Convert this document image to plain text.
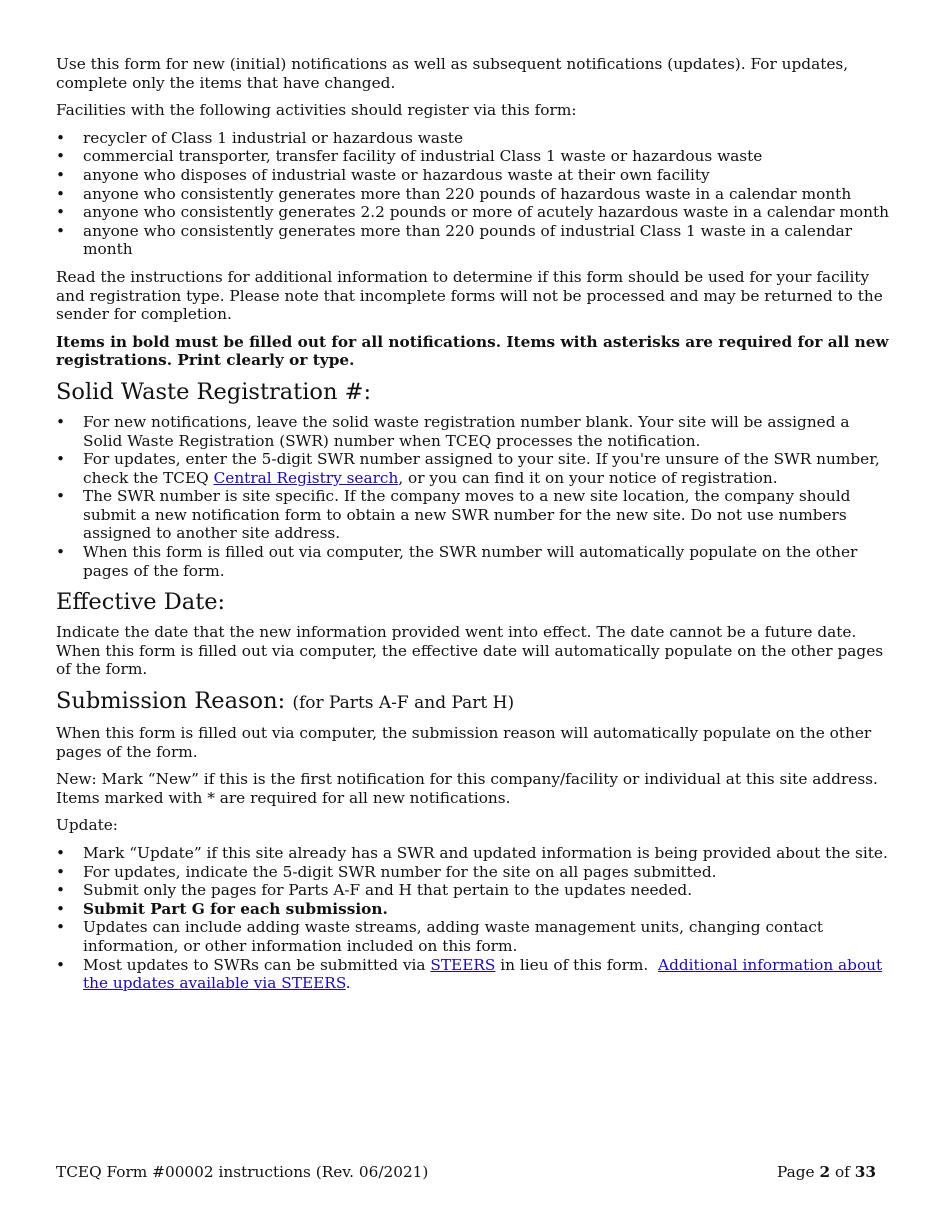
Use this form for new (initial) notifications as well as subsequent notifications (updates). For updates, complete only the items that have changed.

Facilities with the following activities should register via this form:

• recycler of Class 1 industrial or hazardous waste
• commercial transporter, transfer facility of industrial Class 1 waste or hazardous waste
• anyone who disposes of industrial waste or hazardous waste at their own facility
• anyone who consistently generates more than 220 pounds of hazardous waste in a calendar month
• anyone who consistently generates 2.2 pounds or more of acutely hazardous waste in a calendar month
• anyone who consistently generates more than 220 pounds of industrial Class 1 waste in a calendar month

Read the instructions for additional information to determine if this form should be used for your facility and registration type. Please note that incomplete forms will not be processed and may be returned to the sender for completion.

Items in bold must be filled out for all notifications. Items with asterisks are required for all new registrations. Print clearly or type.

Solid Waste Registration #:
• For new notifications, leave the solid waste registration number blank. Your site will be assigned a Solid Waste Registration (SWR) number when TCEQ processes the notification.
• For updates, enter the 5-digit SWR number assigned to your site. If you're unsure of the SWR number, check the TCEQ Central Registry search, or you can find it on your notice of registration.
• The SWR number is site specific. If the company moves to a new site location, the company should submit a new notification form to obtain a new SWR number for the new site. Do not use numbers assigned to another site address.
• When this form is filled out via computer, the SWR number will automatically populate on the other pages of the form.
Effective Date:

Indicate the date that the new information provided went into effect. The date cannot be a future date. When this form is filled out via computer, the effective date will automatically populate on the other pages of the form.

Submission Reason: (for Parts A-F and Part H)

When this form is filled out via computer, the submission reason will automatically populate on the other pages of the form.

New: Mark “New” if this is the first notification for this company/facility or individual at this site address. Items marked with * are required for all new notifications.

Update:

• Mark “Update” if this site already has a SWR and updated information is being provided about the site.
• For updates, indicate the 5-digit SWR number for the site on all pages submitted.
• Submit only the pages for Parts A-F and H that pertain to the updates needed.
• Submit Part G for each submission.
• Updates can include adding waste streams, adding waste management units, changing contact information, or other information included on this form.
• Most updates to SWRs can be submitted via STEERS in lieu of this form.  Additional information about the updates available via STEERS.
TCEQ Form #00002 instructions (Rev. 06/2021)	Page 2 of 33
